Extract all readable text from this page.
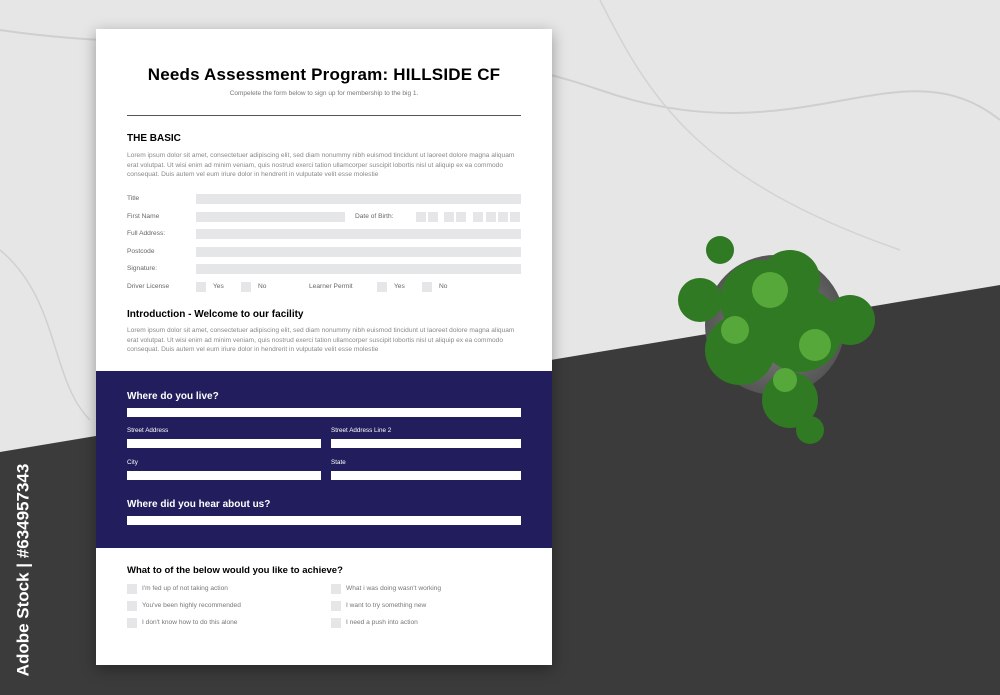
Needs Assessment Program: HILLSIDE CF
Compelete the form below to sign up for membership to the big 1.
THE BASIC
Lorem ipsum dolor sit amet, consectetuer adipiscing elit, sed diam nonummy nibh euismod tincidunt ut laoreet dolore magna aliquam erat volutpat. Ut wisi enim ad minim veniam, quis nostrud exerci tation ullamcorper suscipit lobortis nisl ut aliquip ex ea commodo consequat. Duis autem vel eum iriure dolor in hendrerit in vulputate velit esse molestie
Title
First Name	Date of Birth:
Full Address:
Postcode
Signature:
Driver License	Yes	No	Learner Permit	Yes	No
Introduction - Welcome to our facility
Lorem ipsum dolor sit amet, consectetuer adipiscing elit, sed diam nonummy nibh euismod tincidunt ut laoreet dolore magna aliquam erat volutpat. Ut wisi enim ad minim veniam, quis nostrud exerci tation ullamcorper suscipit lobortis nisl ut aliquip ex ea commodo consequat. Duis autem vel eum iriure dolor in hendrerit in vulputate velit esse molestie
Where do you live?
Street Address	Street Address Line 2
City	State
Where did you hear about us?
What to of the below would you like to achieve?
I'm fed up of not taking action
You've been highly recommended
I don't know how to do this alone
What i was doing wasn't working
I want to try something new
I need a push into action
Adobe Stock | #634957343
